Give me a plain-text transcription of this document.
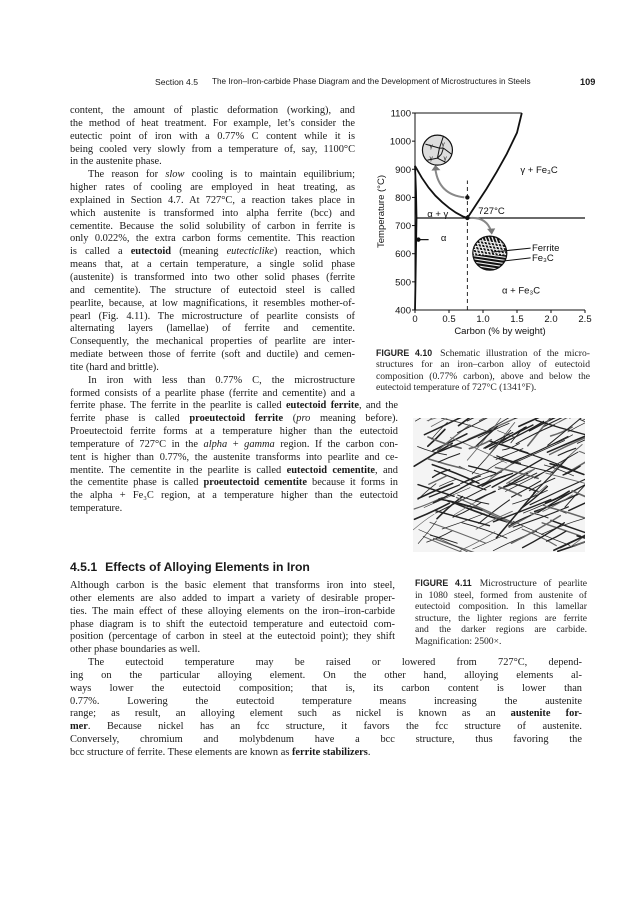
Section 4.5 The Iron–Iron-carbide Phase Diagram and the Development of Microstructures in Steels	109
content, the amount of plastic deformation (working), and
the method of heat treatment. For example, let’s consider the
eutectic point of iron with a 0.77% C content while it is
being cooled very slowly from a temperature of, say, 1100°C
in the austenite phase.
The reason for slow cooling is to maintain equilibrium;
higher rates of cooling are employed in heat treating, as
explained in Section 4.7. At 727°C, a reaction takes place in
which austenite is transformed into alpha ferrite (bcc) and
cementite. Because the solid solubility of carbon in ferrite is
only 0.022%, the extra carbon forms cementite. This reaction
is called a eutectoid (meaning eutecticlike) reaction, which
means that, at a certain temperature, a single solid phase
(austenite) is transformed into two other solid phases (ferrite
and cementite). The structure of eutectoid steel is called
pearlite, because, at low magnifications, it resembles mother-of-
pearl (Fig. 4.11). The microstructure of pearlite consists of
alternating layers (lamellae) of ferrite and cementite.
Consequently, the mechanical properties of pearlite are inter-
mediate between those of ferrite (soft and ductile) and cemen-
tite (hard and brittle).
In iron with less than 0.77% C, the microstructure
formed consists of a pearlite phase (ferrite and cementite) and a
ferrite phase. The ferrite in the pearlite is called eutectoid ferrite, and the
ferrite phase is called proeutectoid ferrite (pro meaning before).
Proeutectoid ferrite forms at a temperature higher than the eutectoid
temperature of 727°C in the alpha + gamma region. If the carbon con-
tent is higher than 0.77%, the austenite transforms into pearlite and ce-
mentite. The cementite in the pearlite is called eutectoid cementite, and
the cementite phase is called proeutectoid cementite because it forms in
the alpha + Fe₃C region, at a temperature higher than the eutectoid
temperature.
4.5.1 Effects of Alloying Elements in Iron
Although carbon is the basic element that transforms iron into steel,
other elements are also added to impart a variety of desirable proper-
ties. The main effect of these alloying elements on the iron–iron-carbide
phase diagram is to shift the eutectoid temperature and eutectoid com-
position (percentage of carbon in steel at the eutectoid point); they shift
other phase boundaries as well.
The eutectoid temperature may be raised or lowered from 727°C, depend-
ing on the particular alloying element. On the other hand, alloying elements al-
ways lower the eutectoid composition; that is, its carbon content is lower than
0.77%. Lowering the eutectoid temperature means increasing the austenite
range; as result, an alloying element such as nickel is known as an austenite for-
mer. Because nickel has an fcc structure, it favors the fcc structure of austenite.
Conversely, chromium and molybdenum have a bcc structure, thus favoring the
bcc structure of ferrite. These elements are known as ferrite stabilizers.
400
500
600
700
800
900
1000
1100
0	0.5 1.0 1.5 2.0 2.5
Carbon (% by weight)
Temperature (°C)	727°C
α + γ
γ + Fe₃C
α
α + Fe₃C
γ γ
γ γ
Ferrite
Fe₃C
FIGURE 4.10 Schematic illustration of the micro-
structures for an iron–carbon alloy of eutectoid
composition (0.77% carbon), above and below the
eutectoid temperature of 727°C (1341°F).
FIGURE 4.11 Microstructure of pearlite
in 1080 steel, formed from austenite of
eutectoid composition. In this lamellar
structure, the lighter regions are ferrite
and the darker regions are carbide.
Magnification: 2500×.
